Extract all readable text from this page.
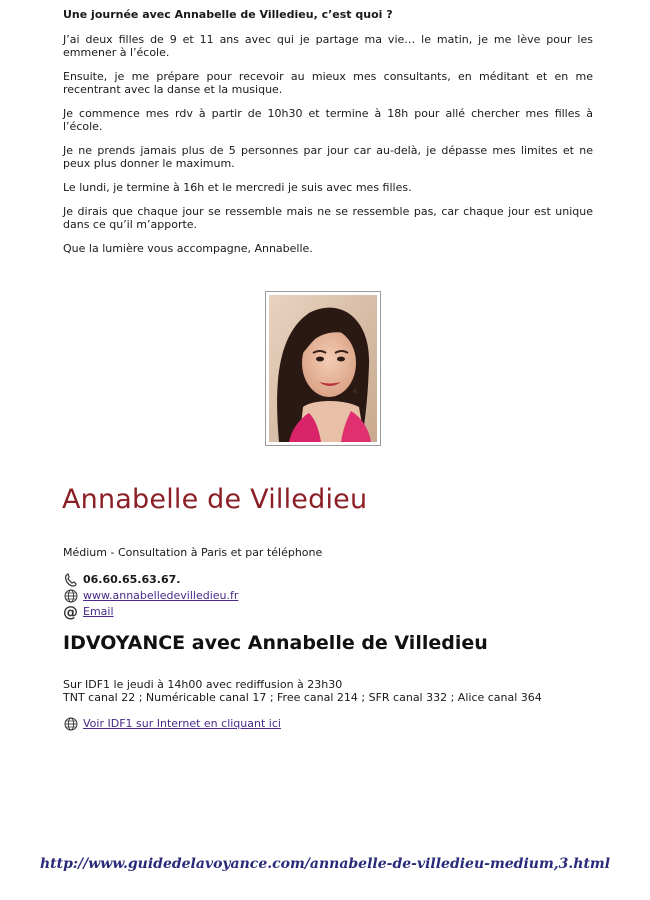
Une journée avec Annabelle de Villedieu, c’est quoi ?

J’ai deux filles de 9 et 11 ans avec qui je partage ma vie… le matin, je me lève pour les emmener à l’école.

Ensuite, je me prépare pour recevoir au mieux mes consultants, en méditant et en me recentrant avec la danse et la musique.

Je commence mes rdv à partir de 10h30 et termine à 18h pour allé chercher mes filles à l’école.

Je ne prends jamais plus de 5 personnes par jour car au-delà, je dépasse mes limites et ne peux plus donner le maximum.

Le lundi, je termine à 16h et le mercredi je suis avec mes filles.

Je dirais que chaque jour se ressemble mais ne se ressemble pas, car chaque jour est unique dans ce qu’il m’apporte.

Que la lumière vous accompagne, Annabelle.

Annabelle de Villedieu
Médium - Consultation à Paris et par téléphone
06.60.65.63.67.
www.annabelledevilledieu.fr
@ Email
IDVOYANCE avec Annabelle de Villedieu
Sur IDF1 le jeudi à 14h00 avec rediffusion à 23h30
TNT canal 22 ; Numéricable canal 17 ; Free canal 214 ; SFR canal 332 ; Alice canal 364
Voir IDF1 sur Internet en cliquant ici
http://www.guidedelavoyance.com/annabelle-de-villedieu-medium,3.html
